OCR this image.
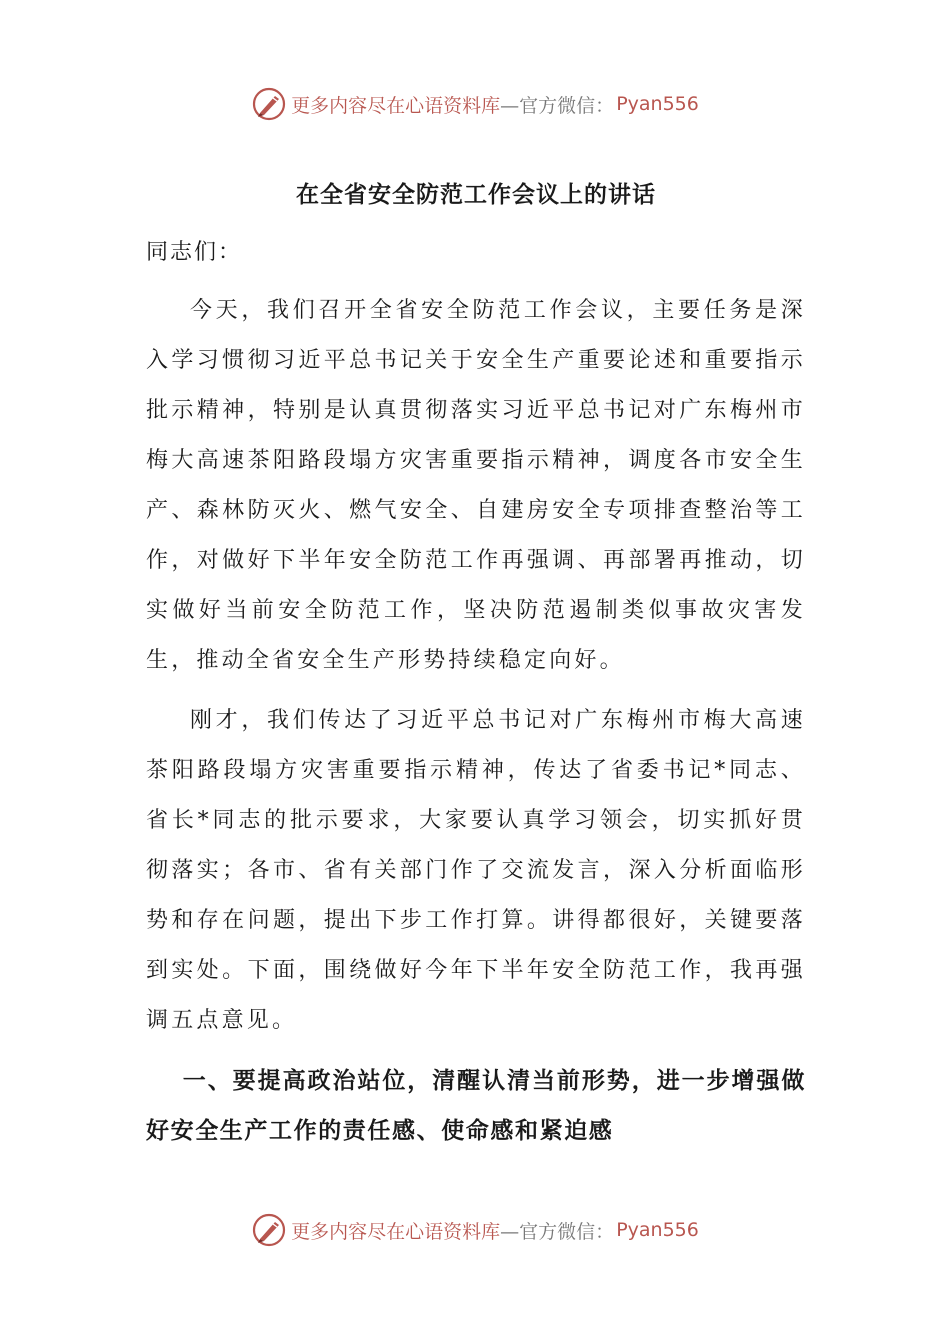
更多内容尽在心语资料库 —官方微信： Pyan556
在全省安全防范工作会议上的讲话

同志们：

今天，我们召开全省安全防范工作会议，主要任务是深入学习惯彻习近平总书记关于安全生产重要论述和重要指示批示精神，特别是认真贯彻落实习近平总书记对广东梅州市梅大高速茶阳路段塌方灾害重要指示精神，调度各市安全生产、森林防灭火、燃气安全、自建房安全专项排查整治等工作，对做好下半年安全防范工作再强调、再部署再推动，切实做好当前安全防范工作，坚决防范遏制类似事故灾害发生，推动全省安全生产形势持续稳定向好。

刚才，我们传达了习近平总书记对广东梅州市梅大高速茶阳路段塌方灾害重要指示精神，传达了省委书记*同志、省长*同志的批示要求，大家要认真学习领会，切实抓好贯彻落实；各市、省有关部门作了交流发言，深入分析面临形势和存在问题，提出下步工作打算。讲得都很好，关键要落到实处。下面，围绕做好今年下半年安全防范工作，我再强调五点意见。

一、要提高政治站位，清醒认清当前形势，进一步增强做好安全生产工作的责任感、使命感和紧迫感

更多内容尽在心语资料库 —官方微信： Pyan556
